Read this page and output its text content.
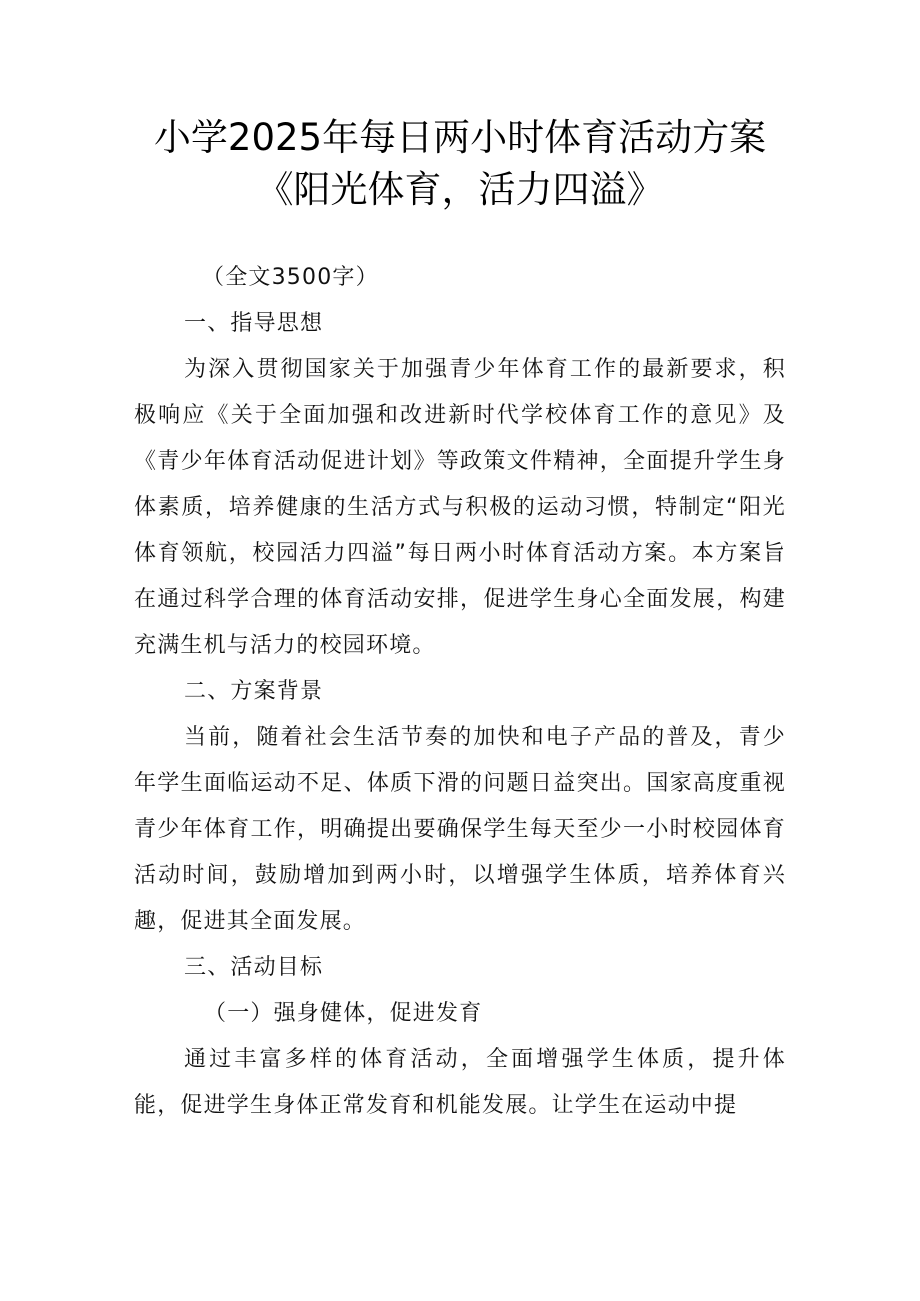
小学2025年每日两小时体育活动方案《阳光体育，活力四溢》

（全文3500字）

一、指导思想

为深入贯彻国家关于加强青少年体育工作的最新要求，积极响应《关于全面加强和改进新时代学校体育工作的意见》及《青少年体育活动促进计划》等政策文件精神，全面提升学生身体素质，培养健康的生活方式与积极的运动习惯，特制定“阳光体育领航，校园活力四溢”每日两小时体育活动方案。本方案旨在通过科学合理的体育活动安排，促进学生身心全面发展，构建充满生机与活力的校园环境。

二、方案背景

当前，随着社会生活节奏的加快和电子产品的普及，青少年学生面临运动不足、体质下滑的问题日益突出。国家高度重视青少年体育工作，明确提出要确保学生每天至少一小时校园体育活动时间，鼓励增加到两小时，以增强学生体质，培养体育兴趣，促进其全面发展。

三、活动目标

（一）强身健体，促进发育

通过丰富多样的体育活动，全面增强学生体质，提升体能，促进学生身体正常发育和机能发展。让学生在运动中提
